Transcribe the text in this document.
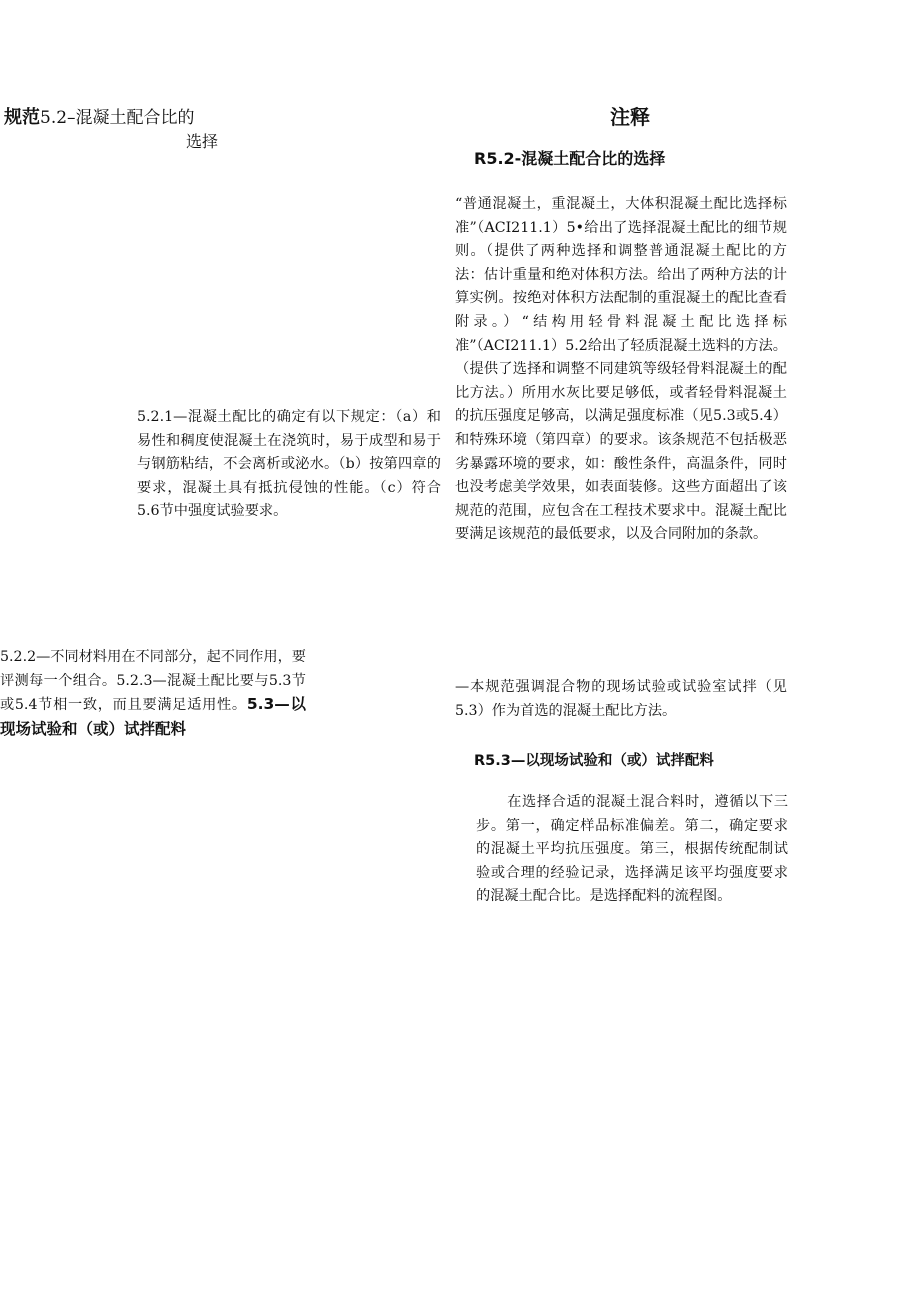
规范5.2–混凝土配合比的
选择
注释
R5.2-混凝土配合比的选择
“普通混凝土，重混凝土，大体积混凝土配比选择标准”（ACI211.1）5•给出了选择混凝土配比的细节规则。（提供了两种选择和调整普通混凝土配比的方法：估计重量和绝对体积方法。给出了两种方法的计算实例。按绝对体积方法配制的重混凝土的配比查看附录。）“结构用轻骨料混凝土配比选择标准”（ACI211.1）5.2给出了轻质混凝土选料的方法。（提供了选择和调整不同建筑等级轻骨料混凝土的配比方法。）所用水灰比要足够低，或者轻骨料混凝土的抗压强度足够高，以满足强度标准（见5.3或5.4）和特殊环境（第四章）的要求。该条规范不包括极恶劣暴露环境的要求，如：酸性条件，高温条件，同时也没考虑美学效果，如表面装修。这些方面超出了该规范的范围，应包含在工程技术要求中。混凝土配比要满足该规范的最低要求，以及合同附加的条款。
5.2.1—混凝土配比的确定有以下规定：（a）和易性和稠度使混凝土在浇筑时，易于成型和易于与钢筋粘结，不会离析或泌水。（b）按第四章的要求，混凝土具有抵抗侵蚀的性能。（c）符合5.6节中强度试验要求。
5.2.2—不同材料用在不同部分，起不同作用，要评测每一个组合。5.2.3—混凝土配比要与5.3节或5.4节相一致，而且要满足适用性。5.3—以现场试验和（或）试拌配料
—本规范强调混合物的现场试验或试验室试拌（见5.3）作为首选的混凝土配比方法。
R5.3—以现场试验和（或）试拌配料
在选择合适的混凝土混合料时，遵循以下三步。第一，确定样品标准偏差。第二，确定要求的混凝土平均抗压强度。第三，根据传统配制试验或合理的经验记录，选择满足该平均强度要求的混凝土配合比。是选择配料的流程图。
